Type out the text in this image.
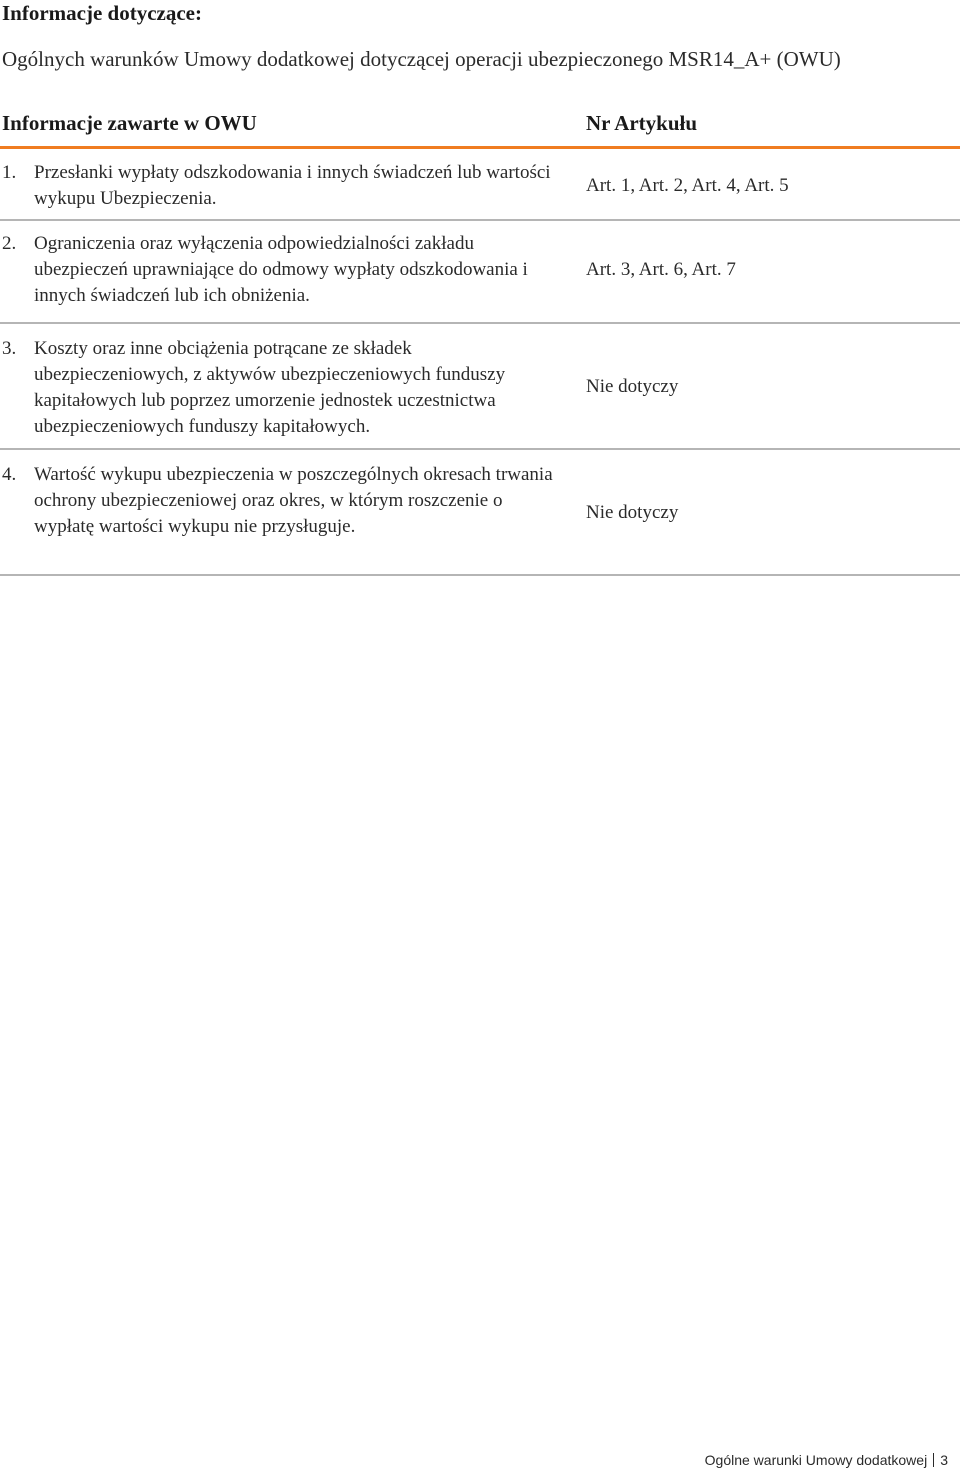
Informacje dotyczące:
Ogólnych warunków Umowy dodatkowej dotyczącej operacji ubezpieczonego MSR14_A+ (OWU)
Informacje zawarte w OWU	Nr Artykułu
1. Przesłanki wypłaty odszkodowania i innych świadczeń lub wartości wykupu Ubezpieczenia.
Art. 1, Art. 2, Art. 4, Art. 5
2. Ograniczenia oraz wyłączenia odpowiedzialności zakładu ubezpieczeń uprawniające do odmowy wypłaty odszkodowania i innych świadczeń lub ich obniżenia.
Art. 3, Art. 6, Art. 7
3. Koszty oraz inne obciążenia potrącane ze składek ubezpieczeniowych, z aktywów ubezpieczeniowych funduszy kapitałowych lub poprzez umorzenie jednostek uczestnictwa ubezpieczeniowych funduszy kapitałowych.
Nie dotyczy
4. Wartość wykupu ubezpieczenia w poszczególnych okresach trwania ochrony ubezpieczeniowej oraz okres, w którym roszczenie o wypłatę wartości wykupu nie przysługuje.
Nie dotyczy
Ogólne warunki Umowy dodatkowej 3
